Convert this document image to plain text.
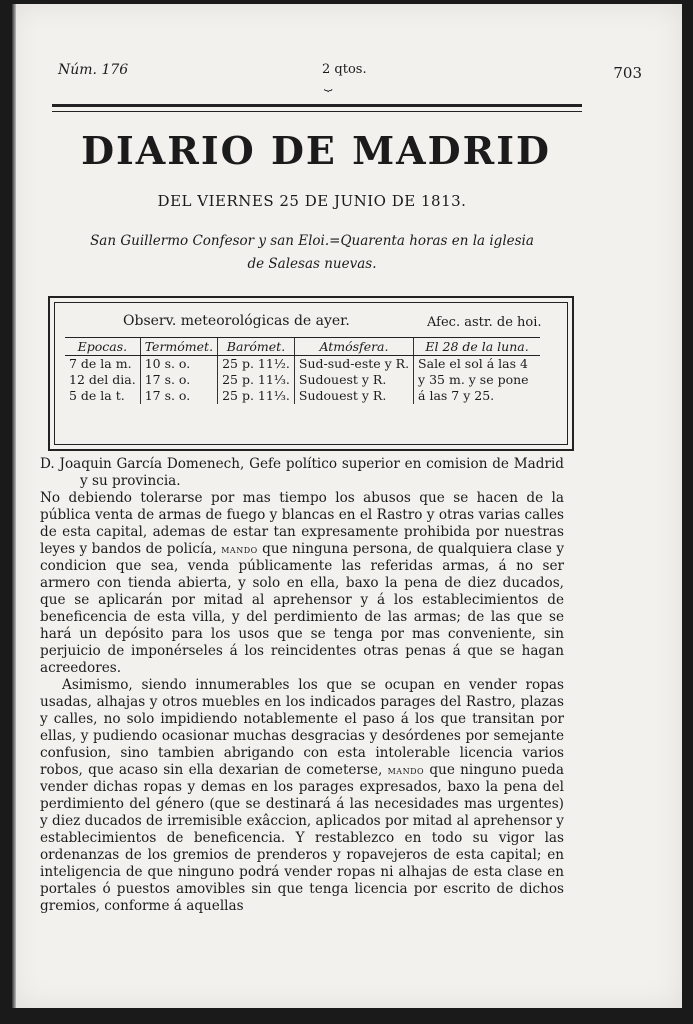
Núm. 176	2 qtos.
⏟
703
DIARIO DE MADRID
DEL VIERNES 25 DE JUNIO DE 1813.
San Guillermo Confesor y san Eloi.=Quarenta horas en la iglesia
de Salesas nuevas.
Observ. meteorológicas de ayer.	Afec. astr. de hoi.
Epocas.	Termómet.	Barómet.	Atmósfera.	El 28 de la luna.
7 de la m.	10 s. o.	25 p. 11½.	Sud-sud-este y R.	Sale el sol á las 4 y 35 m. y se pone á las 7 y 25.
12 del dia.	17 s. o.	25 p. 11⅓.	Sudouest y R.	
5 de la t.	17 s. o.	25 p. 11⅓.	Sudouest y R.	

D. Joaquin García Domenech, Gefe político superior en comision de Madrid y su provincia.

No debiendo tolerarse por mas tiempo los abusos que se hacen de la pública venta de armas de fuego y blancas en el Rastro y otras varias calles de esta capital, ademas de estar tan expresamente prohibida por nuestras leyes y bandos de policía, mando que ninguna persona, de qualquiera clase y condicion que sea, venda públicamente las referidas armas, á no ser armero con tienda abierta, y solo en ella, baxo la pena de diez ducados, que se aplicarán por mitad al aprehensor y á los establecimientos de beneficencia de esta villa, y del perdimiento de las armas; de las que se hará un depósito para los usos que se tenga por mas conveniente, sin perjuicio de imponérseles á los reincidentes otras penas á que se hagan acreedores.

Asimismo, siendo innumerables los que se ocupan en vender ropas usadas, alhajas y otros muebles en los indicados parages del Rastro, plazas y calles, no solo impidiendo notablemente el paso á los que transitan por ellas, y pudiendo ocasionar muchas desgracias y desórdenes por semejante confusion, sino tambien abrigando con esta intolerable licencia varios robos, que acaso sin ella dexarian de cometerse, mando que ninguno pueda vender dichas ropas y demas en los parages expresados, baxo la pena del perdimiento del género (que se destinará á las necesidades mas urgentes) y diez ducados de irremisible exâccion, aplicados por mitad al aprehensor y establecimientos de beneficencia. Y restablezco en todo su vigor las ordenanzas de los gremios de prenderos y ropavejeros de esta capital; en inteligencia de que ninguno podrá vender ropas ni alhajas de esta clase en portales ó puestos amovibles sin que tenga licencia por escrito de dichos gremios, conforme á aquellas
